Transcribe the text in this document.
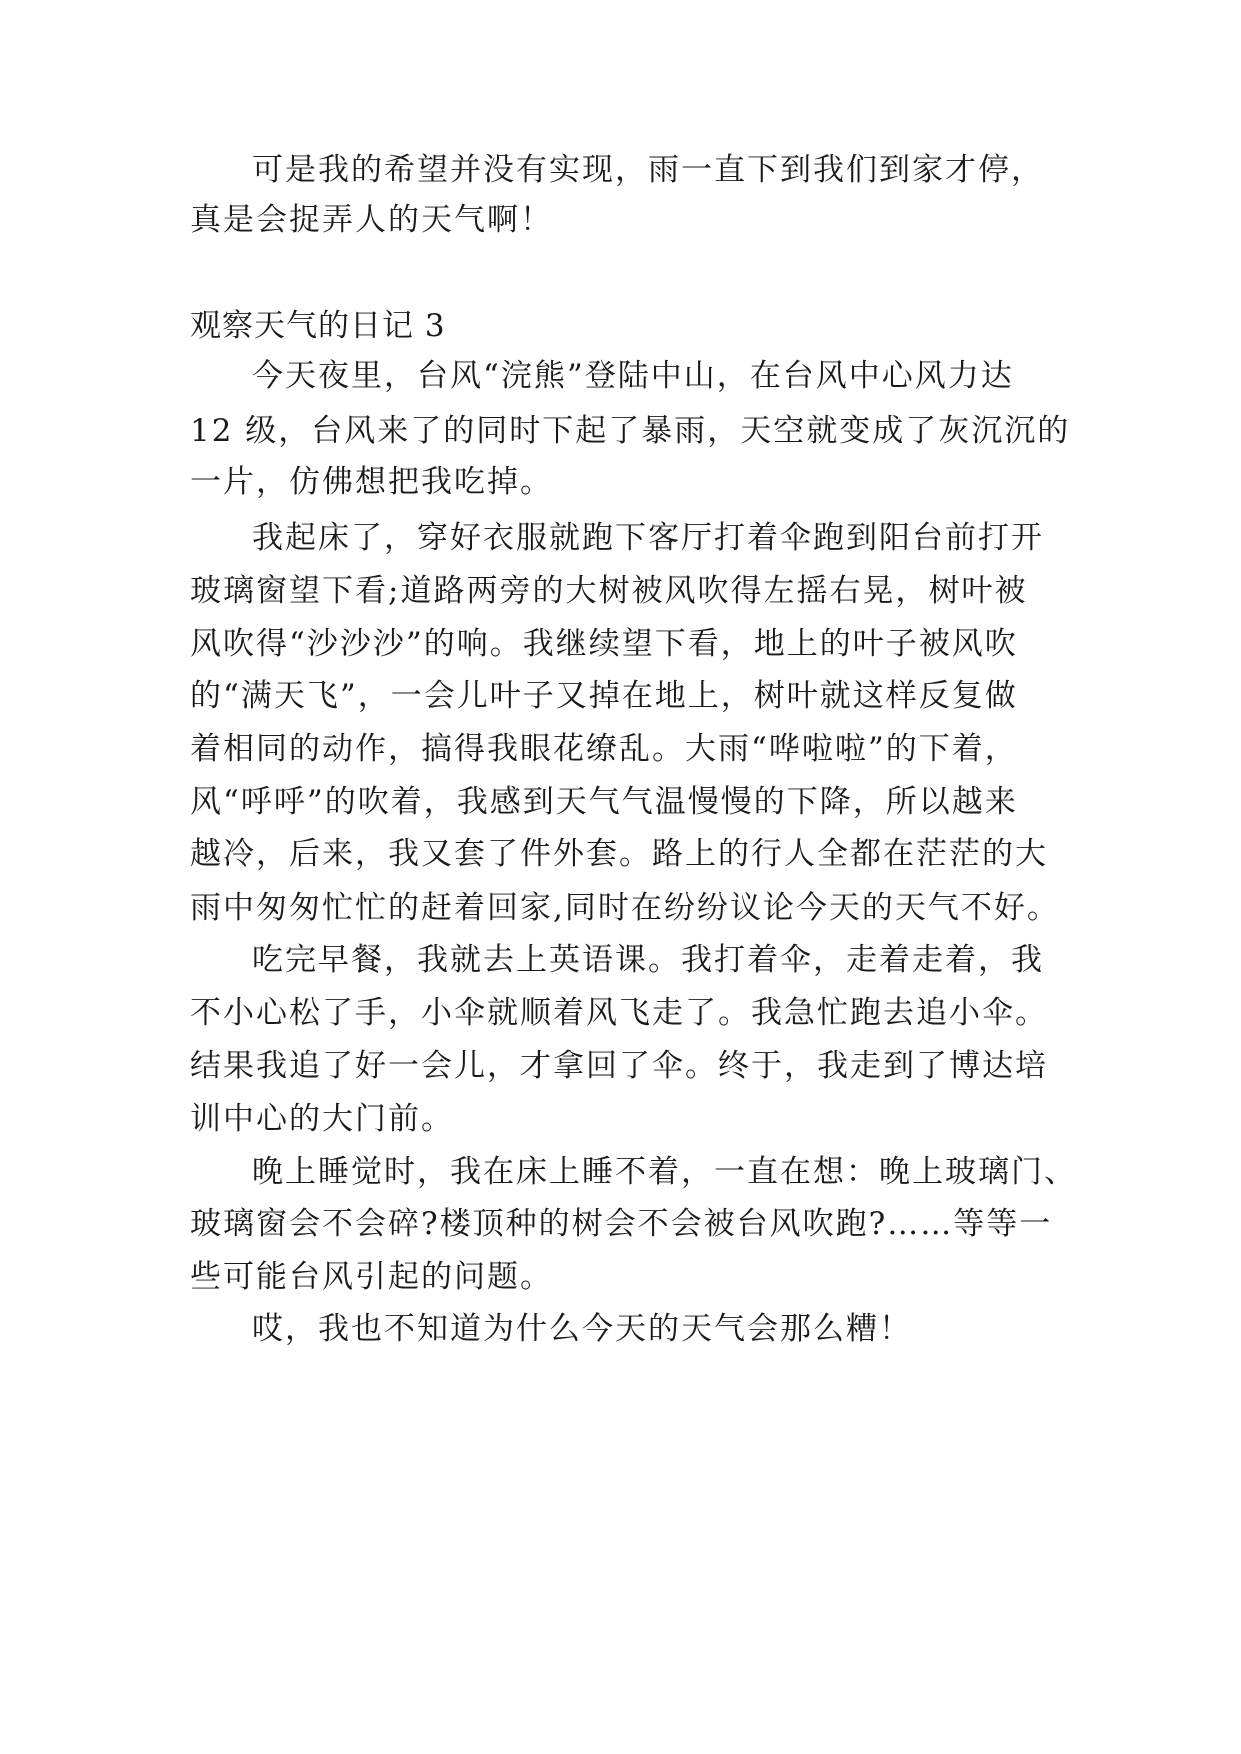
可是我的希望并没有实现，雨一直下到我们到家才停，
真是会捉弄人的天气啊！
观察天气的日记 3
今天夜里，台风“浣熊”登陆中山，在台风中心风力达
12 级，台风来了的同时下起了暴雨，天空就变成了灰沉沉的
一片，仿佛想把我吃掉。
我起床了，穿好衣服就跑下客厅打着伞跑到阳台前打开
玻璃窗望下看;道路两旁的大树被风吹得左摇右晃，树叶被
风吹得“沙沙沙”的响。我继续望下看，地上的叶子被风吹
的“满天飞”，一会儿叶子又掉在地上，树叶就这样反复做
着相同的动作，搞得我眼花缭乱。大雨“哗啦啦”的下着，
风“呼呼”的吹着，我感到天气气温慢慢的下降，所以越来
越冷，后来，我又套了件外套。路上的行人全都在茫茫的大
雨中匆匆忙忙的赶着回家,同时在纷纷议论今天的天气不好。
吃完早餐，我就去上英语课。我打着伞，走着走着，我
不小心松了手，小伞就顺着风飞走了。我急忙跑去追小伞。
结果我追了好一会儿，才拿回了伞。终于，我走到了博达培
训中心的大门前。
晚上睡觉时，我在床上睡不着，一直在想：晚上玻璃门、
玻璃窗会不会碎?楼顶种的树会不会被台风吹跑?……等等一
些可能台风引起的问题。
哎，我也不知道为什么今天的天气会那么糟！
